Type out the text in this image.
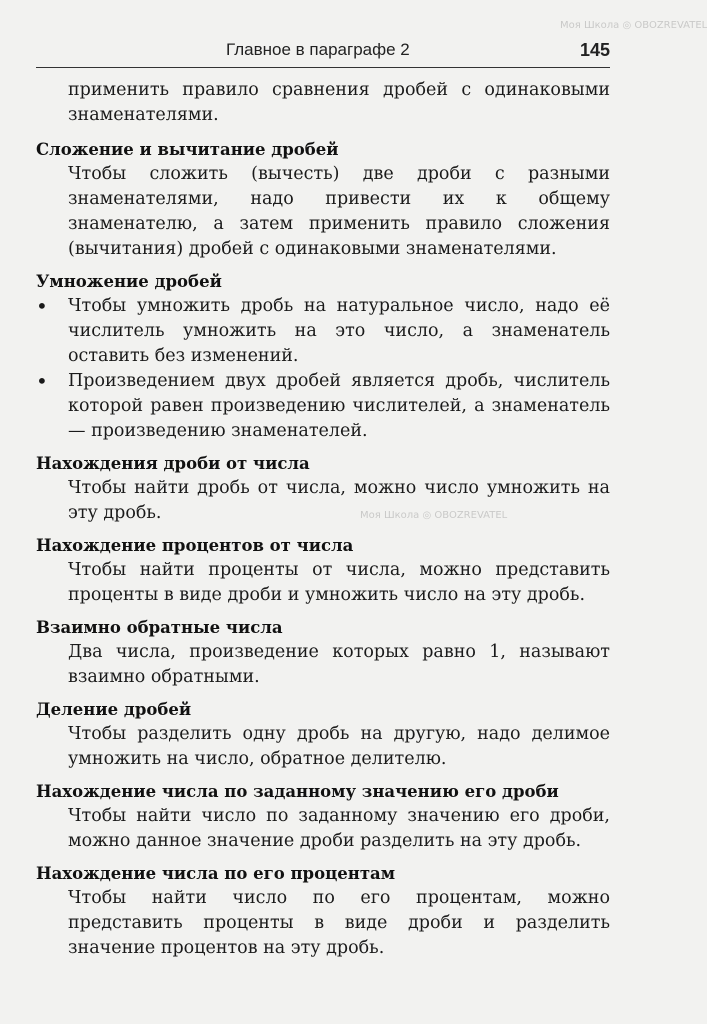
Главное в параграфе 2	145
применить правило сравнения дробей с одинаковыми знаменателями.
Сложение и вычитание дробей
Чтобы сложить (вычесть) две дроби с разными знаменателями, надо привести их к общему знаменателю, а затем применить правило сложения (вычитания) дробей с одинаковыми знаменателями.
Умножение дробей
• Чтобы умножить дробь на натуральное число, надо её числитель умножить на это число, а знаменатель оставить без изменений.
• Произведением двух дробей является дробь, числитель которой равен произведению числителей, а знаменатель — произведению знаменателей.
Нахождения дроби от числа
Чтобы найти дробь от числа, можно число умножить на эту дробь.
Нахождение процентов от числа
Чтобы найти проценты от числа, можно представить проценты в виде дроби и умножить число на эту дробь.
Взаимно обратные числа
Два числа, произведение которых равно 1, называют взаимно обратными.
Деление дробей
Чтобы разделить одну дробь на другую, надо делимое умножить на число, обратное делителю.
Нахождение числа по заданному значению его дроби
Чтобы найти число по заданному значению его дроби, можно данное значение дроби разделить на эту дробь.
Нахождение числа по его процентам
Чтобы найти число по его процентам, можно представить проценты в виде дроби и разделить значение процентов на эту дробь.
Моя Школа ◎ OBOZREVATEL
Моя Школа ◎ OBOZREVATEL
